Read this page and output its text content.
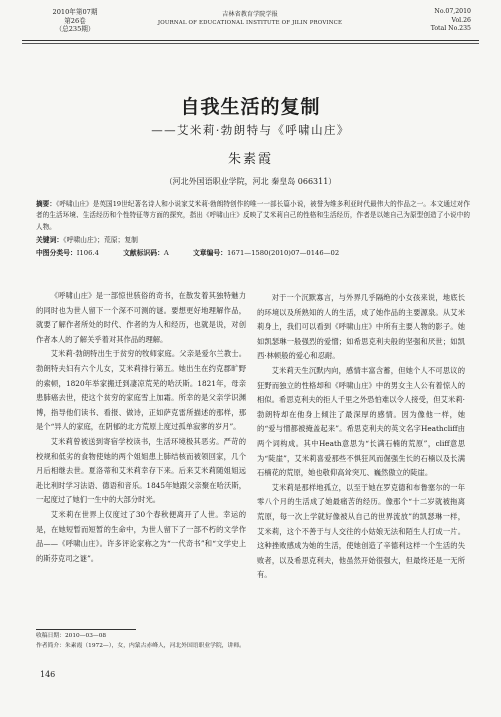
2010年第07期
第26卷
（总235期）
吉林省教育学院学报
JOURNAL OF EDUCATIONAL INSTITUTE OF JILIN PROVINCE
No.07,2010
Vol.26
Total No.235
自我生活的复制
——艾米莉·勃朗特与《呼啸山庄》
朱素霞
（河北外国语职业学院，河北 秦皇岛 066311）
摘要：《呼啸山庄》是英国19世纪著名诗人和小说家艾米莉·勃朗特创作的唯一一部长篇小说，被誉为维多利亚时代最伟大的作品之一。本文通过对作者的生活环境、生活经历和个性特征等方面的探究，指出《呼啸山庄》反映了艾米莉自己的性格和生活经历，作者是以她自己为原型创造了小说中的人物。
关键词：《呼啸山庄》；荒原；复制
中图分类号：I106.4	文献标识码：A	文章编号：1671—1580(2010)07—0146—02

《呼啸山庄》是一部惊世骇俗的奇书，在散发着其独特魅力的同时也为世人留下一个深不可测的谜。要想更好地理解作品，就要了解作者所处的时代、作者的为人和经历，也就是说，对创作者本人的了解关乎着对其作品的理解。

艾米莉·勃朗特出生于贫穷的牧师家庭。父亲是爱尔兰教士。勃朗特夫妇有六个儿女，艾米莉排行第五。她出生在约克郡旷野的索顿，1820年举家搬迁到凄凉荒芜的哈沃斯。1821年，母亲患肺癌去世，使这个贫穷的家庭雪上加霜。所幸的是父亲学识渊博，指导他们读书、看报、做诗，正如萨克雷所描述的那样，那是个“异人的家庭，在阴郁的北方荒原上度过孤单寂寥的岁月”。

艾米莉曾被送到寄宿学校读书，生活环境极其恶劣。严苛的校规和低劣的食物使她的两个姐姐患上肺结核而被领回家，几个月后相继去世。夏洛蒂和艾米莉幸存下来。后来艾米莉随姐姐远赴比利时学习法语、德语和音乐。1845年她跟父亲聚在哈沃斯，一起度过了她们一生中的大部分时光。

艾米莉在世界上仅度过了30个春秋便离开了人世。幸运的是，在她短暂而短暂的生命中，为世人留下了一部不朽的文学作品——《呼啸山庄》。许多评论家称之为“一代奇书”和“文学史上的斯芬克司之谜”。

对于一个沉默寡言，与外界几乎隔绝的小女孩来说，地底长的环境以及所熟知的人的生活，成了她作品的主要源泉。从艾米莉身上，我们可以看到《呼啸山庄》中所有主要人物的影子。她如凯瑟琳一般强烈的爱憎；如希思克利夫般的坚强和厌世；如凯西·林顿般的爱心和忍耐。

艾米莉天生沉默内向，感情丰富含蓄，但她个人不可思议的狂野而独立的性格却和《呼啸山庄》中的男女主人公有着惊人的相似。希思克利夫的拒人千里之外恐怕难以令人接受，但艾米莉·勃朗特却在他身上倾注了最深厚的感情。因为像他一样，她的“爱与憎都被掩盖起来”。希思克利夫的英文名字Heathcliff由两个词构成。其中Heath意思为“长满石楠的荒原”，cliff意思为“陡崖”，艾米莉喜爱那些不惧狂风而倔强生长的石楠以及长满石楠花的荒原，她也敬仰高耸突兀、巍然傲立的陡崖。

艾米莉是那样地孤立，以至于她在罗克德和布鲁塞尔的一年零八个月的生活成了她最痛苦的经历。像那个“十二岁就被拖离荒原，每一次上学就好像被从自己的世界流放”的凯瑟琳一样，艾米莉，这个不善于与人交往的小姑娘无法和陌生人打成一片。这种挫败感成为她的生活，使她创造了辛德利这样一个生活的失败者，以及希思克利夫，他虽然开始很强大，但最终还是一无所有。

收稿日期：2010—03—08
作者简介：朱素霞（1972—），女，内蒙古赤峰人，河北外国语职业学院，讲师。
146
